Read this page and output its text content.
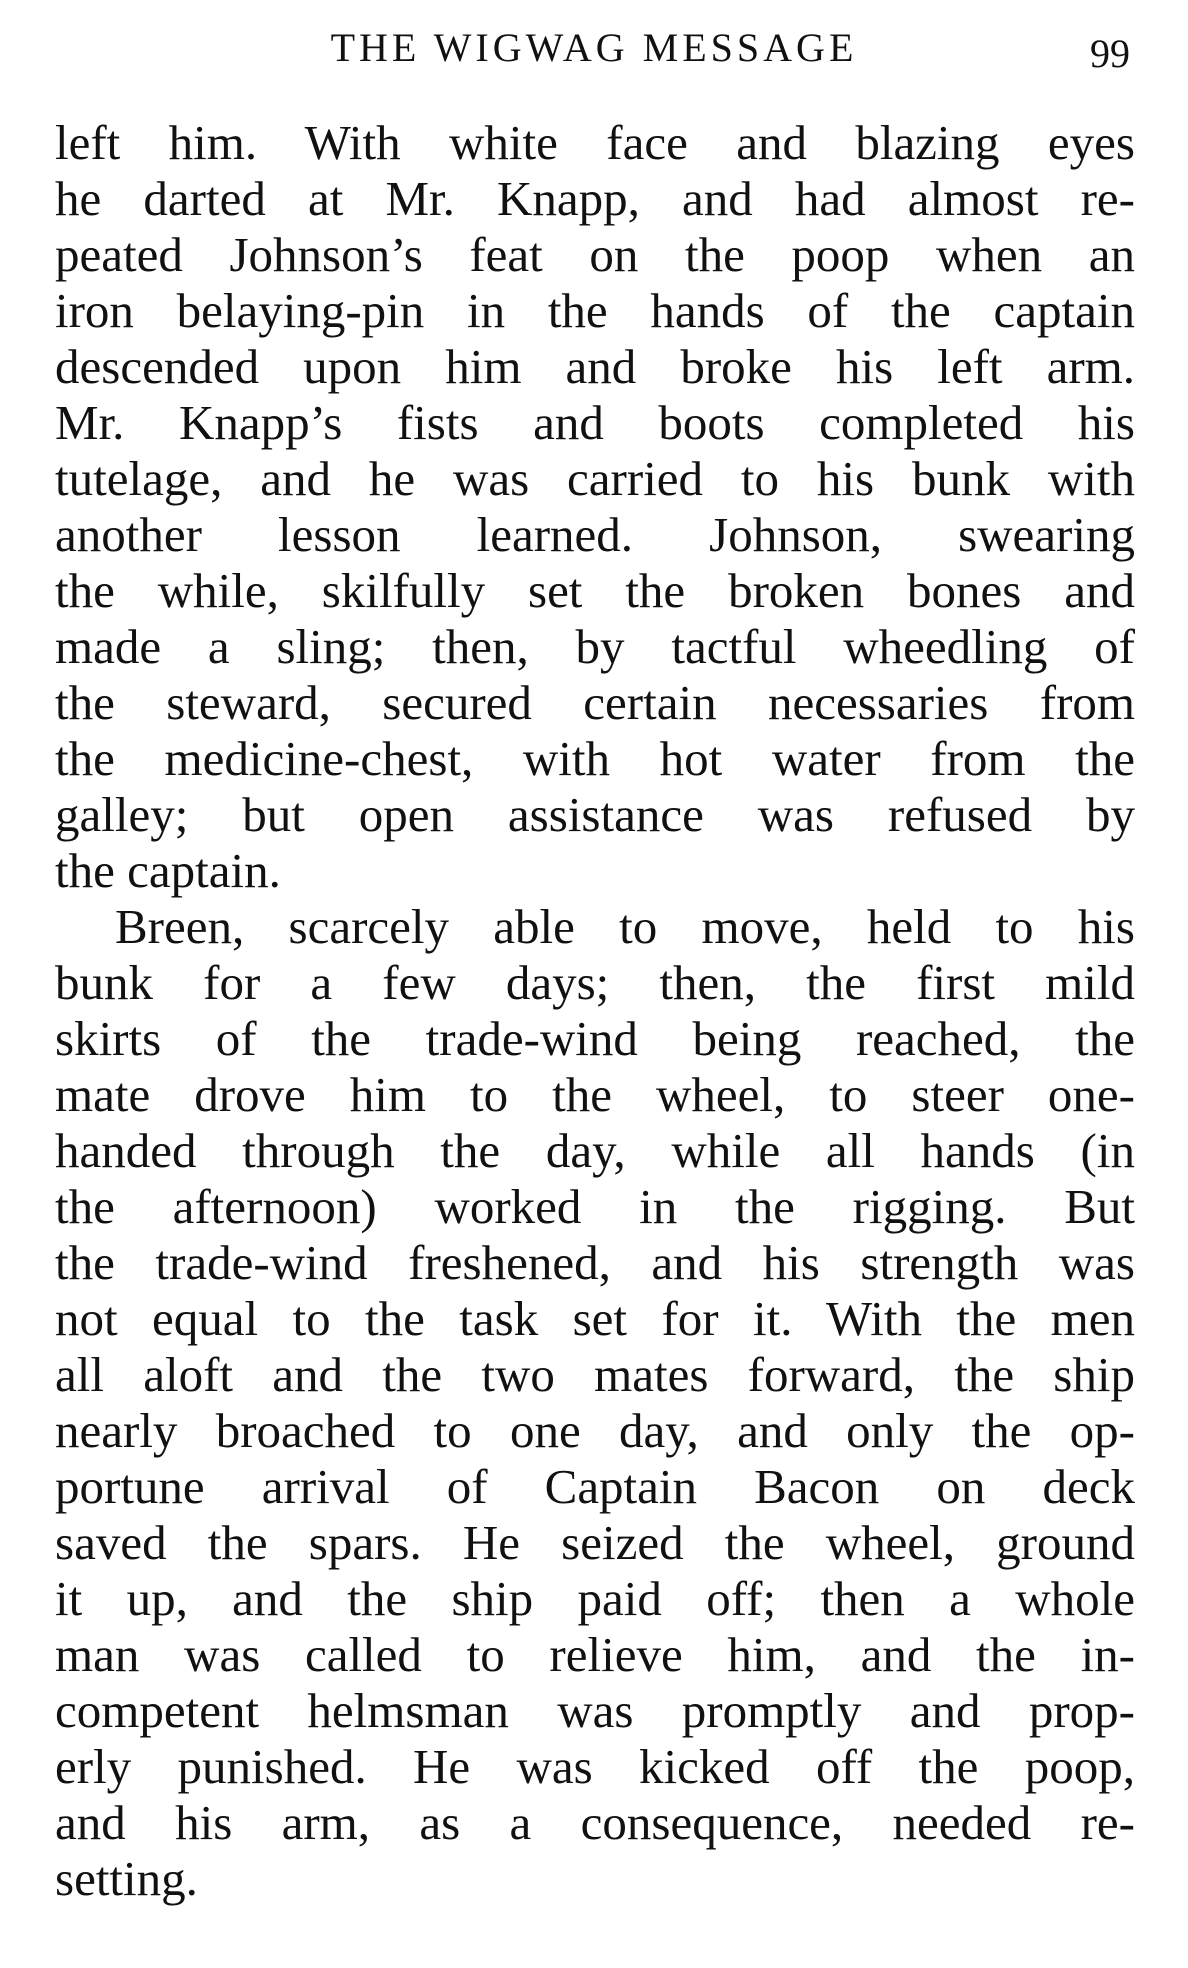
THE WIGWAG MESSAGE	99
left him. With white face and blazing eyes
he darted at Mr. Knapp, and had almost re-
peated Johnson’s feat on the poop when an
iron belaying-pin in the hands of the captain
descended upon him and broke his left arm.
Mr. Knapp’s fists and boots completed his
tutelage, and he was carried to his bunk with
another lesson learned. Johnson, swearing
the while, skilfully set the broken bones and
made a sling; then, by tactful wheedling of
the steward, secured certain necessaries from
the medicine-chest, with hot water from the
galley; but open assistance was refused by
the captain.
Breen, scarcely able to move, held to his
bunk for a few days; then, the first mild
skirts of the trade-wind being reached, the
mate drove him to the wheel, to steer one-
handed through the day, while all hands (in
the afternoon) worked in the rigging. But
the trade-wind freshened, and his strength was
not equal to the task set for it. With the men
all aloft and the two mates forward, the ship
nearly broached to one day, and only the op-
portune arrival of Captain Bacon on deck
saved the spars. He seized the wheel, ground
it up, and the ship paid off; then a whole
man was called to relieve him, and the in-
competent helmsman was promptly and prop-
erly punished. He was kicked off the poop,
and his arm, as a consequence, needed re-
setting.
